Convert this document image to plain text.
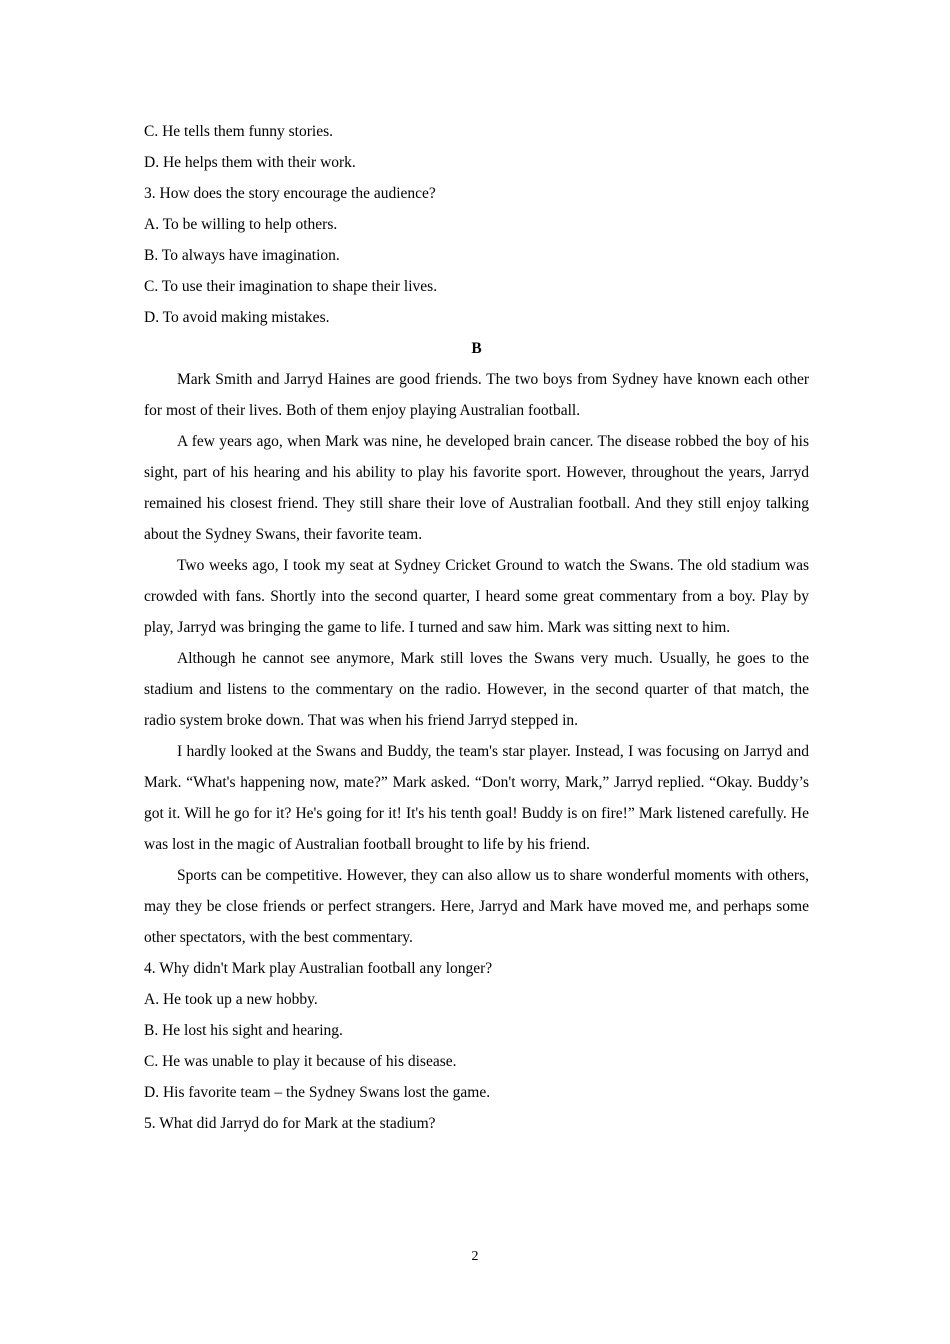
C. He tells them funny stories.

D. He helps them with their work.

3. How does the story encourage the audience?

A. To be willing to help others.

B. To always have imagination.

C. To use their imagination to shape their lives.

D. To avoid making mistakes.

B

Mark Smith and Jarryd Haines are good friends. The two boys from Sydney have known each other for most of their lives. Both of them enjoy playing Australian football.

A few years ago, when Mark was nine, he developed brain cancer. The disease robbed the boy of his sight, part of his hearing and his ability to play his favorite sport. However, throughout the years, Jarryd remained his closest friend. They still share their love of Australian football. And they still enjoy talking about the Sydney Swans, their favorite team.

Two weeks ago, I took my seat at Sydney Cricket Ground to watch the Swans. The old stadium was crowded with fans. Shortly into the second quarter, I heard some great commentary from a boy. Play by play, Jarryd was bringing the game to life. I turned and saw him. Mark was sitting next to him.

Although he cannot see anymore, Mark still loves the Swans very much. Usually, he goes to the stadium and listens to the commentary on the radio. However, in the second quarter of that match, the radio system broke down. That was when his friend Jarryd stepped in.

I hardly looked at the Swans and Buddy, the team's star player. Instead, I was focusing on Jarryd and Mark. “What's happening now, mate?” Mark asked. “Don't worry, Mark,” Jarryd replied. “Okay. Buddy’s got it. Will he go for it? He's going for it! It's his tenth goal! Buddy is on fire!” Mark listened carefully. He was lost in the magic of Australian football brought to life by his friend.

Sports can be competitive. However, they can also allow us to share wonderful moments with others, may they be close friends or perfect strangers. Here, Jarryd and Mark have moved me, and perhaps some other spectators, with the best commentary.

4. Why didn't Mark play Australian football any longer?

A. He took up a new hobby.

B. He lost his sight and hearing.

C. He was unable to play it because of his disease.

D. His favorite team – the Sydney Swans lost the game.

5. What did Jarryd do for Mark at the stadium?

2
